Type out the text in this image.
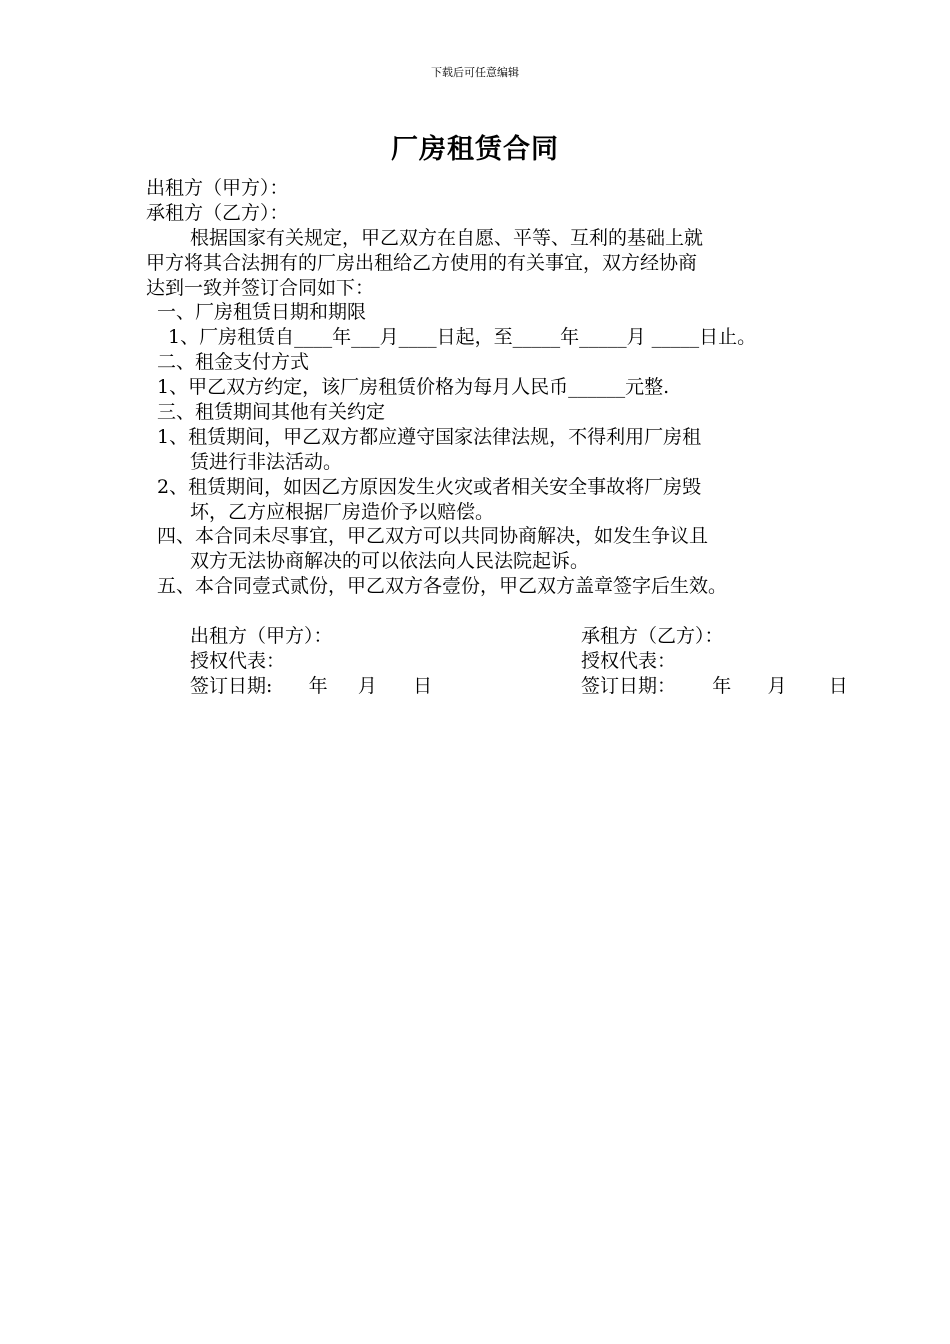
下载后可任意编辑
厂房租赁合同
出租方（甲方）：
承租方（乙方）：
根据国家有关规定，甲乙双方在自愿、平等、互利的基础上就
甲方将其合法拥有的厂房出租给乙方使用的有关事宜，双方经协商
达到一致并签订合同如下：
一、厂房租赁日期和期限
1、厂房租赁自____年___月____日起，至_____年_____月 _____日止。
二、租金支付方式
1、甲乙双方约定，该厂房租赁价格为每月人民币______元整.
三、租赁期间其他有关约定
1、租赁期间，甲乙双方都应遵守国家法律法规，不得利用厂房租
赁进行非法活动。
2、租赁期间，如因乙方原因发生火灾或者相关安全事故将厂房毁
坏，乙方应根据厂房造价予以赔偿。
四、本合同未尽事宜，甲乙双方可以共同协商解决，如发生争议且
双方无法协商解决的可以依法向人民法院起诉。
五、本合同壹式贰份，甲乙双方各壹份，甲乙双方盖章签字后生效。
出租方（甲方）：
授权代表：
签订日期:      年     月      日
承租方（乙方）：
授权代表：
签订日期：      年      月       日
